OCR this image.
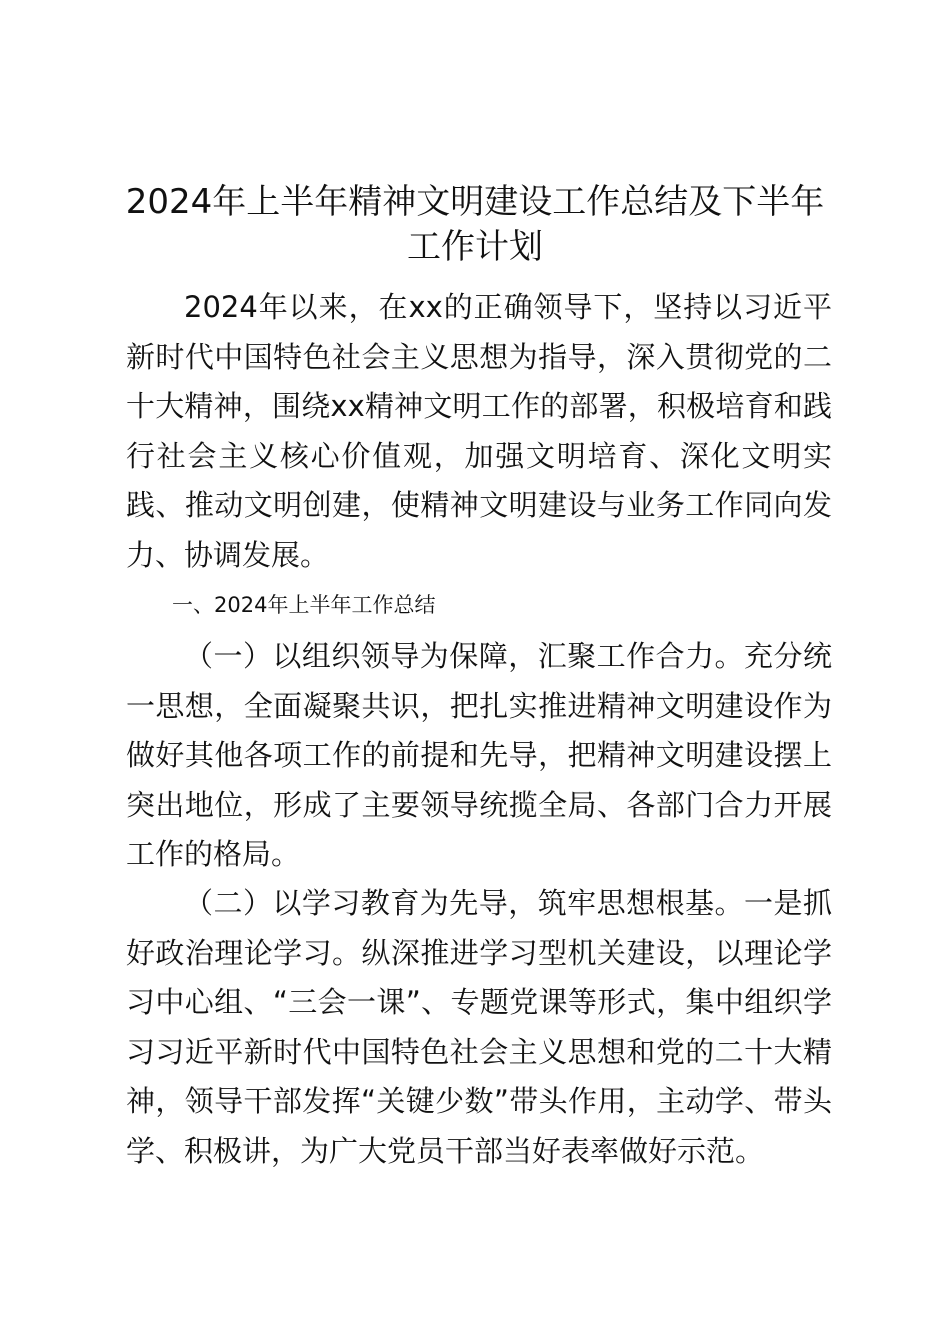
2024年上半年精神文明建设工作总结及下半年工作计划

2024年以来，在xx的正确领导下，坚持以习近平新时代中国特色社会主义思想为指导，深入贯彻党的二十大精神，围绕xx精神文明工作的部署，积极培育和践行社会主义核心价值观，加强文明培育、深化文明实践、推动文明创建，使精神文明建设与业务工作同向发力、协调发展。

一、2024年上半年工作总结

（一）以组织领导为保障，汇聚工作合力。充分统一思想，全面凝聚共识，把扎实推进精神文明建设作为做好其他各项工作的前提和先导，把精神文明建设摆上突出地位，形成了主要领导统揽全局、各部门合力开展工作的格局。

（二）以学习教育为先导，筑牢思想根基。一是抓好政治理论学习。纵深推进学习型机关建设，以理论学习中心组、“三会一课”、专题党课等形式，集中组织学习习近平新时代中国特色社会主义思想和党的二十大精神，领导干部发挥“关键少数”带头作用，主动学、带头学、积极讲，为广大党员干部当好表率做好示范。
